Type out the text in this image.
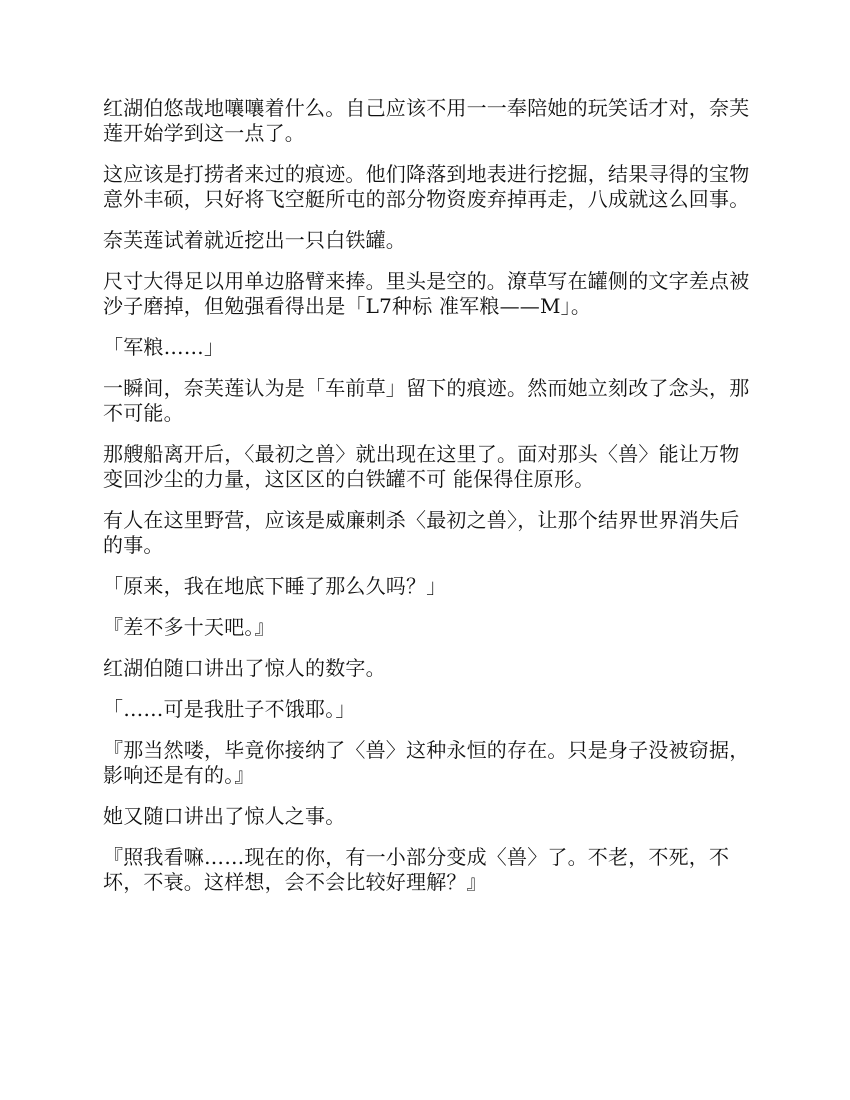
红湖伯悠哉地嚷嚷着什么。自己应该不用一一奉陪她的玩笑话才对，奈芙莲开始学到这一点了。

这应该是打捞者来过的痕迹。他们降落到地表进行挖掘，结果寻得的宝物意外丰硕，只好将飞空艇所屯的部分物资废弃掉再走，八成就这么回事。

奈芙莲试着就近挖出一只白铁罐。

尺寸大得足以用单边胳臂来捧。里头是空的。潦草写在罐侧的文字差点被沙子磨掉，但勉强看得出是「L7种标 准军粮——M」。

「军粮……」

一瞬间，奈芙莲认为是「车前草」留下的痕迹。然而她立刻改了念头，那不可能。

那艘船离开后，〈最初之兽〉就出现在这里了。面对那头〈兽〉能让万物变回沙尘的力量，这区区的白铁罐不可 能保得住原形。

有人在这里野营，应该是威廉刺杀〈最初之兽〉，让那个结界世界消失后的事。

「原来，我在地底下睡了那么久吗？」

『差不多十天吧。』

红湖伯随口讲出了惊人的数字。

「……可是我肚子不饿耶。」

『那当然喽，毕竟你接纳了〈兽〉这种永恒的存在。只是身子没被窃据，影响还是有的。』

她又随口讲出了惊人之事。

『照我看嘛……现在的你，有一小部分变成〈兽〉了。不老，不死，不坏，不衰。这样想，会不会比较好理解？』
